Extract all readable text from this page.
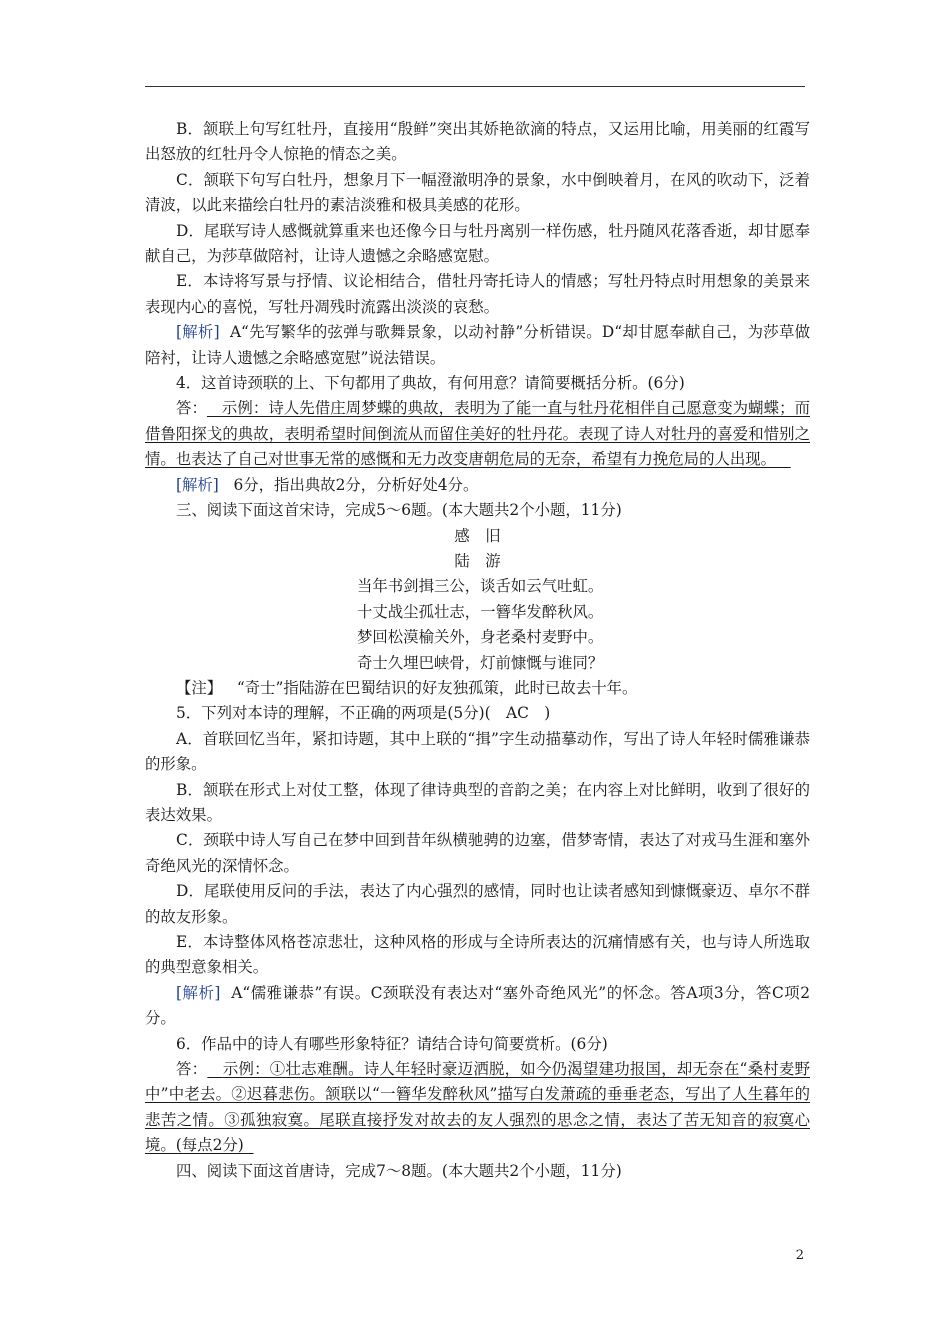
B．颔联上句写红牡丹，直接用“殷鲜”突出其娇艳欲滴的特点，又运用比喻，用美丽的红霞写出怒放的红牡丹令人惊艳的情态之美。

C．颔联下句写白牡丹，想象月下一幅澄澈明净的景象，水中倒映着月，在风的吹动下，泛着清波，以此来描绘白牡丹的素洁淡雅和极具美感的花形。

D．尾联写诗人感慨就算重来也还像今日与牡丹离别一样伤感，牡丹随风花落香逝，却甘愿奉献自己，为莎草做陪衬，让诗人遗憾之余略感宽慰。

E．本诗将写景与抒情、议论相结合，借牡丹寄托诗人的情感；写牡丹特点时用想象的美景来表现内心的喜悦，写牡丹凋残时流露出淡淡的哀愁。

[解析] A“先写繁华的弦弹与歌舞景象，以动衬静”分析错误。D“却甘愿奉献自己，为莎草做陪衬，让诗人遗憾之余略感宽慰”说法错误。

4．这首诗颈联的上、下句都用了典故，有何用意？请简要概括分析。(6分)

答： 示例：诗人先借庄周梦蝶的典故，表明为了能一直与牡丹花相伴自己愿意变为蝴蝶；而借鲁阳探戈的典故，表明希望时间倒流从而留住美好的牡丹花。表现了诗人对牡丹的喜爱和惜别之情。也表达了自己对世事无常的感慨和无力改变唐朝危局的无奈，希望有力挽危局的人出现。

[解析] 6分，指出典故2分，分析好处4分。

三、阅读下面这首宋诗，完成5～6题。(本大题共2个小题，11分)

感　旧

陆　游

当年书剑揖三公，谈舌如云气吐虹。

十丈战尘孤壮志，一簪华发醉秋风。

梦回松漠榆关外，身老桑村麦野中。

奇士久埋巴峡骨，灯前慷慨与谁同？

【注】 “奇士”指陆游在巴蜀结识的好友独孤策，此时已故去十年。

5．下列对本诗的理解，不正确的两项是(5分)(　AC　)

A．首联回忆当年，紧扣诗题，其中上联的“揖”字生动描摹动作，写出了诗人年轻时儒雅谦恭的形象。

B．颔联在形式上对仗工整，体现了律诗典型的音韵之美；在内容上对比鲜明，收到了很好的表达效果。

C．颈联中诗人写自己在梦中回到昔年纵横驰骋的边塞，借梦寄情，表达了对戎马生涯和塞外奇绝风光的深情怀念。

D．尾联使用反问的手法，表达了内心强烈的感情，同时也让读者感知到慷慨豪迈、卓尔不群的故友形象。

E．本诗整体风格苍凉悲壮，这种风格的形成与全诗所表达的沉痛情感有关，也与诗人所选取的典型意象相关。

[解析] A“儒雅谦恭”有误。C颈联没有表达对“塞外奇绝风光”的怀念。答A项3分，答C项2分。

6．作品中的诗人有哪些形象特征？请结合诗句简要赏析。(6分)

答： 示例：①壮志难酬。诗人年轻时豪迈洒脱，如今仍渴望建功报国，却无奈在“桑村麦野中”中老去。②迟暮悲伤。颔联以“一簪华发醉秋风”描写白发萧疏的垂垂老态，写出了人生暮年的悲苦之情。③孤独寂寞。尾联直接抒发对故去的友人强烈的思念之情，表达了苦无知音的寂寞心境。(每点2分)

四、阅读下面这首唐诗，完成7～8题。(本大题共2个小题，11分)

2
